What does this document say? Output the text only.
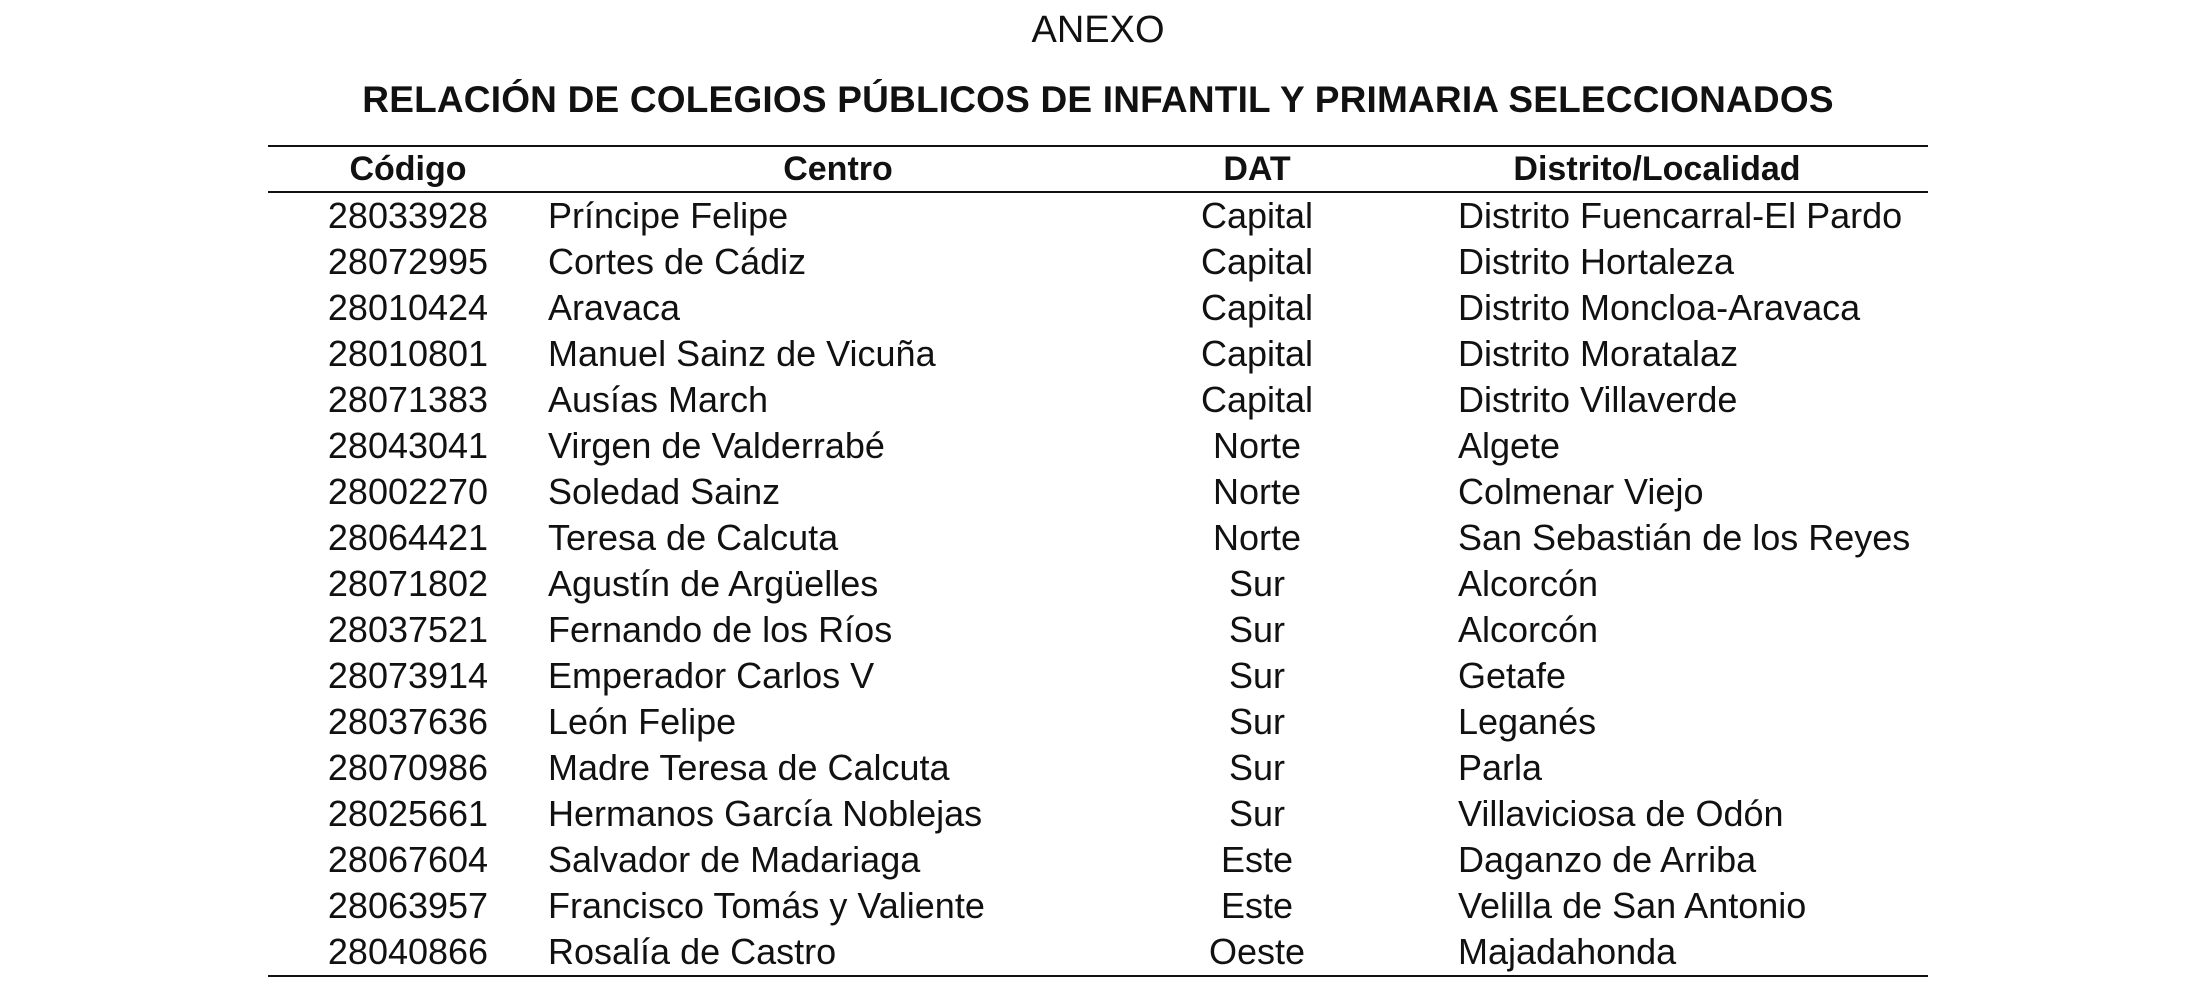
ANEXO
RELACIÓN DE COLEGIOS PÚBLICOS DE INFANTIL Y PRIMARIA SELECCIONADOS
Código	Centro	DAT	Distrito/Localidad
28033928	Príncipe Felipe	Capital	Distrito Fuencarral-El Pardo
28072995	Cortes de Cádiz	Capital	Distrito Hortaleza
28010424	Aravaca	Capital	Distrito Moncloa-Aravaca
28010801	Manuel Sainz de Vicuña	Capital	Distrito Moratalaz
28071383	Ausías March	Capital	Distrito Villaverde
28043041	Virgen de Valderrabé	Norte	Algete
28002270	Soledad Sainz	Norte	Colmenar Viejo
28064421	Teresa de Calcuta	Norte	San Sebastián de los Reyes
28071802	Agustín de Argüelles	Sur	Alcorcón
28037521	Fernando de los Ríos	Sur	Alcorcón
28073914	Emperador Carlos V	Sur	Getafe
28037636	León Felipe	Sur	Leganés
28070986	Madre Teresa de Calcuta	Sur	Parla
28025661	Hermanos García Noblejas	Sur	Villaviciosa de Odón
28067604	Salvador de Madariaga	Este	Daganzo de Arriba
28063957	Francisco Tomás y Valiente	Este	Velilla de San Antonio
28040866	Rosalía de Castro	Oeste	Majadahonda
